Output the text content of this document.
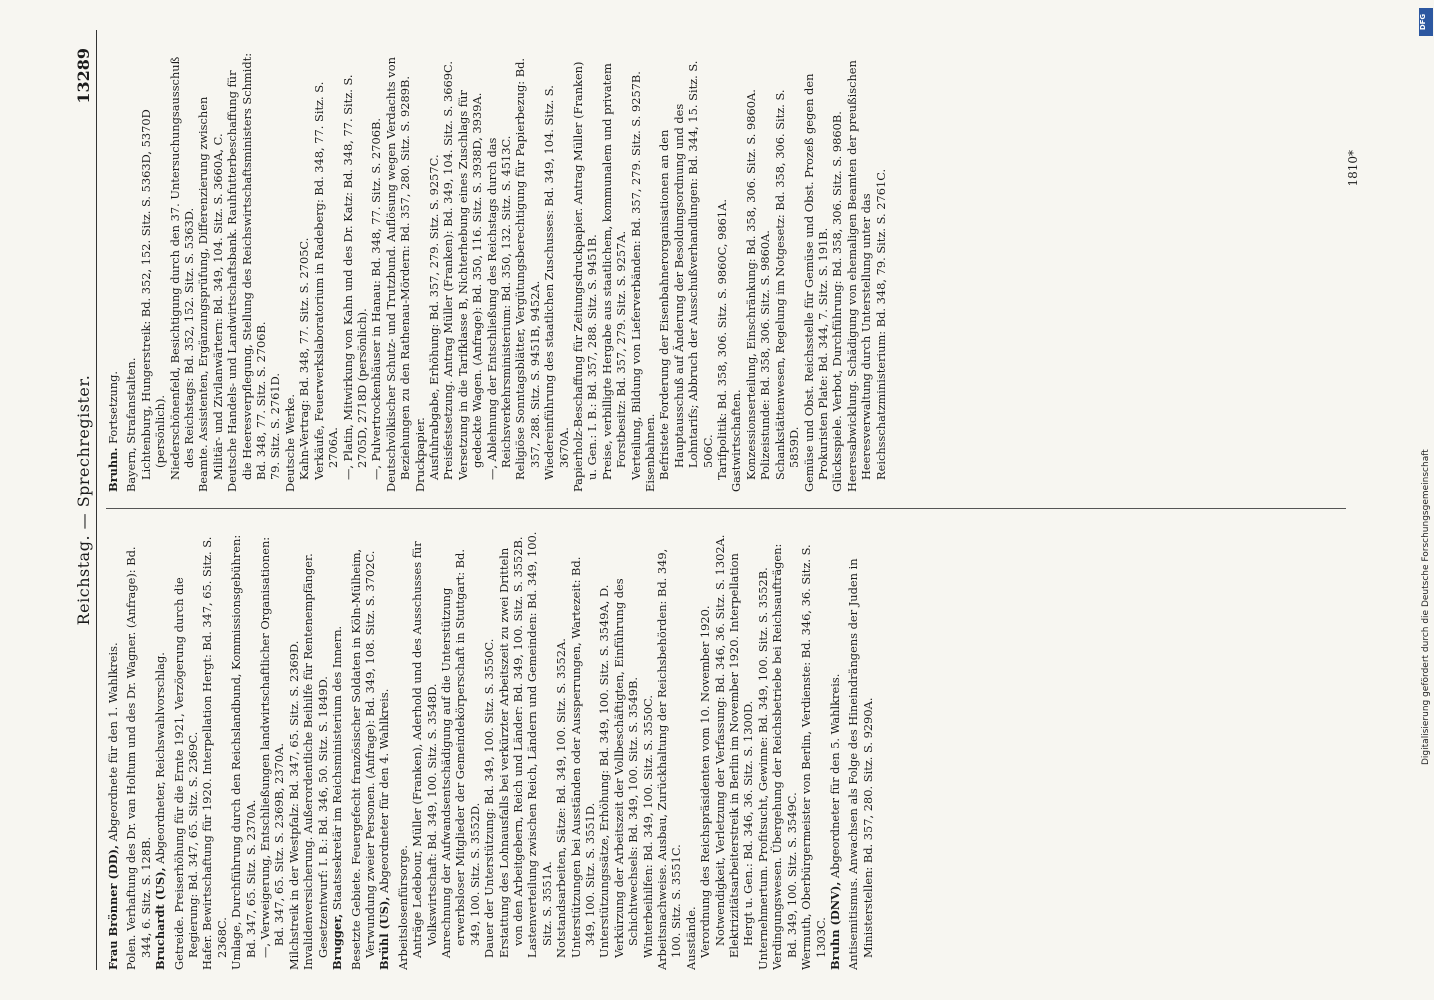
Reichstag. — Sprechregister.
13289
Frau Brönner (DD), Abgeordnete für den 1. Wahlkreis. Polen. Verhaftung des Dr. van Holtum und des Dr. Wagner. (Anfrage): Bd. 344, 6. Sitz. S. 128B. Bruchardt (US), Abgeordneter, Reichswahlvorschlag. Getreide. Preiserhöhung für die Ernte 1921, Verzögerung durch die Regierung: Bd. 347, 65. Sitz. S. 2369C. Hafer. Bewirtschaftung für 1920. Interpellation Hergt: Bd. 347, 65. Sitz. S. 2368C. Umlage, Durchführung durch den Reichslandbund, Kommissionsgebühren: Bd. 347, 65. Sitz. S. 2370A. —, Verweigerung, Entschließungen landwirtschaftlicher Organisationen: Bd. 347, 65. Sitz. S. 2369B, 2370A. Milchstreik in der Westpfalz: Bd. 347, 65. Sitz. S. 2369D. Invalidenversicherung. Außerordentliche Beihilfe für Rentenempfänger. Gesetzentwurf: I. B.: Bd. 346, 50. Sitz. S. 1849D. Brugger, Staatssekretär im Reichsministerium des Innern. Besetzte Gebiete. Feuergefecht französischer Soldaten in Köln-Mülheim, Verwundung zweier Personen. (Anfrage): Bd. 349, 108. Sitz. S. 3702C. Brühl (US), Abgeordneter für den 4. Wahlkreis.
Arbeitslosenfürsorge. Anträge Ledebour, Müller (Franken), Aderhold und des Ausschusses für Volkswirtschaft: Bd. 349, 100. Sitz. S. 3548D. Anrechnung der Aufwandsentschädigung auf die Unterstützung erwerbsloser Mitglieder der Gemeindekörperschaft in Stuttgart: Bd. 349, 100. Sitz. S. 3552D. Dauer der Unterstützung: Bd. 349, 100. Sitz. S. 3550C. Erstattung des Lohnausfalls bei verkürzter Arbeitszeit zu zwei Dritteln von den Arbeitgebern, Reich und Länder: Bd. 349, 100. Sitz. S. 3552B. Lastenverteilung zwischen Reich, Ländern und Gemeinden: Bd. 349, 100. Sitz. S. 3551A. Notstandsarbeiten, Sätze: Bd. 349, 100. Sitz. S. 3552A. Unterstützungen bei Ausständen oder Aussperrungen, Wartezeit: Bd. 349, 100. Sitz. S. 3551D. Unterstützungssätze, Erhöhung: Bd. 349, 100. Sitz. S. 3549A, D. Verkürzung der Arbeitszeit der Vollbeschäftigten, Einführung des Schichtwechsels: Bd. 349, 100. Sitz. S. 3549B. Winterbeihilfen: Bd. 349, 100. Sitz. S. 3550C. Arbeitsnachweise. Ausbau, Zurückhaltung der Reichsbehörden: Bd. 349, 100. Sitz. S. 3551C. Ausstände. Verordnung des Reichspräsidenten vom 10. November 1920. Notwendigkeit, Verletzung der Verfassung: Bd. 346, 36. Sitz. S. 1302A. Elektrizitätsarbeiterstreik in Berlin im November 1920. Interpellation Hergt u. Gen.: Bd. 346, 36. Sitz. S. 1300D. Unternehmertum. Profitsucht, Gewinne: Bd. 349, 100. Sitz. S. 3552B. Verdingungswesen. Übergehung der Reichsbetriebe bei Reichsaufträgen: Bd. 349, 100. Sitz. S. 3549C. Wermuth, Oberbürgermeister von Berlin, Verdienste: Bd. 346, 36. Sitz. S. 1303C. Bruhn (DNV), Abgeordneter für den 5. Wahlkreis. Antisemitismus. Anwachsen als Folge des Hineindrängens der Juden in Ministerstellen: Bd. 357, 280. Sitz. S. 9290A.
Bruhn. Fortsetzung. Bayern, Strafanstalten. Lichtenburg, Hungerstreik: Bd. 352, 152. Sitz. S. 5363D, 5370D (persönlich). Niederschönenfeld, Besichtigung durch den 37. Untersuchungsausschuß des Reichstags: Bd. 352, 152. Sitz. S. 5363D. Beamte. Assistenten, Ergänzungsprüfung, Differenzierung zwischen Militär- und Zivilanwärtern: Bd. 349, 104. Sitz. S. 3660A, C. Deutsche Handels- und Landwirtschaftsbank. Rauhfutterbeschaffung für die Heeresverpflegung, Stellung des Reichswirtschaftsministers Schmidt: Bd. 348, 77. Sitz. S. 2706B. 79. Sitz. S. 2761D. Deutsche Werke. Kahn-Vertrag: Bd. 348, 77. Sitz. S. 2705C. Verkäufe, Feuerwerkslaboratorium in Radeberg: Bd. 348, 77. Sitz. S. 2706A. —, Platin, Mitwirkung von Kahn und des Dr. Katz: Bd. 348, 77. Sitz. S. 2705D, 2718D (persönlich). —, Pulvertrockenhäuser in Hanau: Bd. 348, 77. Sitz. S. 2706B. Deutschvölkischer Schutz- und Trutzbund. Auflösung wegen Verdachts von Beziehungen zu den Rathenau-Mördern: Bd. 357, 280. Sitz. S. 9289B. Druckpapier. Ausfuhrabgabe, Erhöhung: Bd. 357, 279. Sitz. S. 9257C. Preisfestsetzung. Antrag Müller (Franken): Bd. 349, 104. Sitz. S. 3669C. Versetzung in die Tarifklasse B, Nichterhebung eines Zuschlags für gedeckte Wagen. (Anfrage): Bd. 350, 116. Sitz. S. 3938D, 3939A. —, Ablehnung der Entschließung des Reichstags durch das Reichsverkehrsministerium: Bd. 350, 132. Sitz. S. 4513C. Religiöse Sonntagsblätter, Vergütungsberechtigung für Papierbezug: Bd. 357, 288. Sitz. S. 9451B, 9452A. Wiedereinführung des staatlichen Zuschusses: Bd. 349, 104. Sitz. S. 3670A. Papierholz-Beschaffung für Zeitungsdruckpapier. Antrag Müller (Franken) u. Gen.: I. B.: Bd. 357, 288. Sitz. S. 9451B. Preise, verbilligte Hergabe aus staatlichem, kommunalem und privatem Forstbesitz: Bd. 357, 279. Sitz. S. 9257A. Verteilung, Bildung von Lieferverbänden: Bd. 357, 279. Sitz. S. 9257B. Eisenbahnen. Befristete Forderung der Eisenbahnerorganisationen an den Hauptausschuß auf Änderung der Besoldungsordnung und des Lohntarifs; Abbruch der Ausschußverhandlungen: Bd. 344, 15. Sitz. S. 506C. Tarifpolitik: Bd. 358, 306. Sitz. S. 9860C, 9861A. Gastwirtschaften. Konzessionserteilung, Einschränkung: Bd. 358, 306. Sitz. S. 9860A. Polizeistunde: Bd. 358, 306. Sitz. S. 9860A. Schankstättenwesen, Regelung im Notgesetz: Bd. 358, 306. Sitz. S. 5859D. Gemüse und Obst. Reichsstelle für Gemüse und Obst. Prozeß gegen den Prokuristen Plate: Bd. 344, 7. Sitz. S. 191B. Glücksspiele. Verbot, Durchführung: Bd. 358, 306. Sitz. S. 9860B. Heeresabwicklung. Schädigung von ehemaligen Beamten der preußischen Heeresverwaltung durch Unterstellung unter das Reichsschatzministerium: Bd. 348, 79. Sitz. S. 2761C.
1810*
Digitalisierung gefördert durch die Deutsche Forschungsgemeinschaft
DFG
